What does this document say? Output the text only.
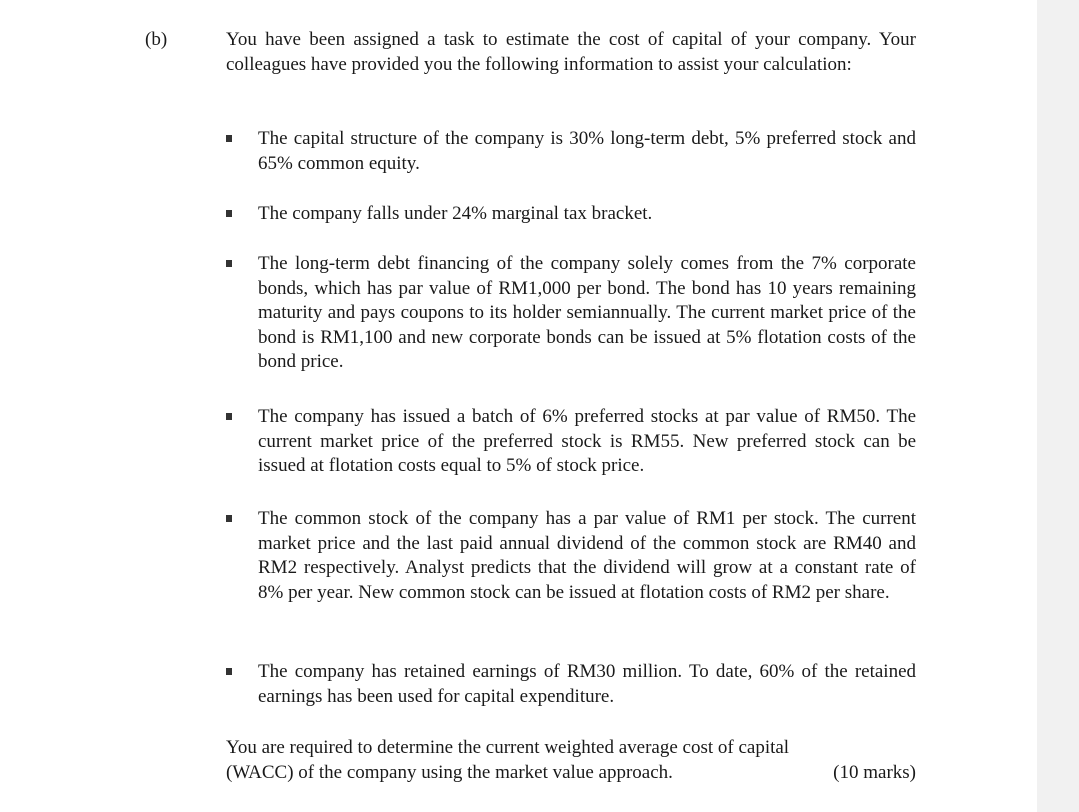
(b)	You have been assigned a task to estimate the cost of capital of your company. Your colleagues have provided you the following information to assist your calculation:
The capital structure of the company is 30% long-term debt, 5% preferred stock and 65% common equity.
The company falls under 24% marginal tax bracket.
The long-term debt financing of the company solely comes from the 7% corporate bonds, which has par value of RM1,000 per bond. The bond has 10 years remaining maturity and pays coupons to its holder semiannually. The current market price of the bond is RM1,100 and new corporate bonds can be issued at 5% flotation costs of the bond price.
The company has issued a batch of 6% preferred stocks at par value of RM50. The current market price of the preferred stock is RM55. New preferred stock can be issued at flotation costs equal to 5% of stock price.
The common stock of the company has a par value of RM1 per stock. The current market price and the last paid annual dividend of the common stock are RM40 and RM2 respectively. Analyst predicts that the dividend will grow at a constant rate of 8% per year. New common stock can be issued at flotation costs of RM2 per share.
The company has retained earnings of RM30 million. To date, 60% of the retained earnings has been used for capital expenditure.
You are required to determine the current weighted average cost of capital
(WACC) of the company using the market value approach.	(10 marks)
